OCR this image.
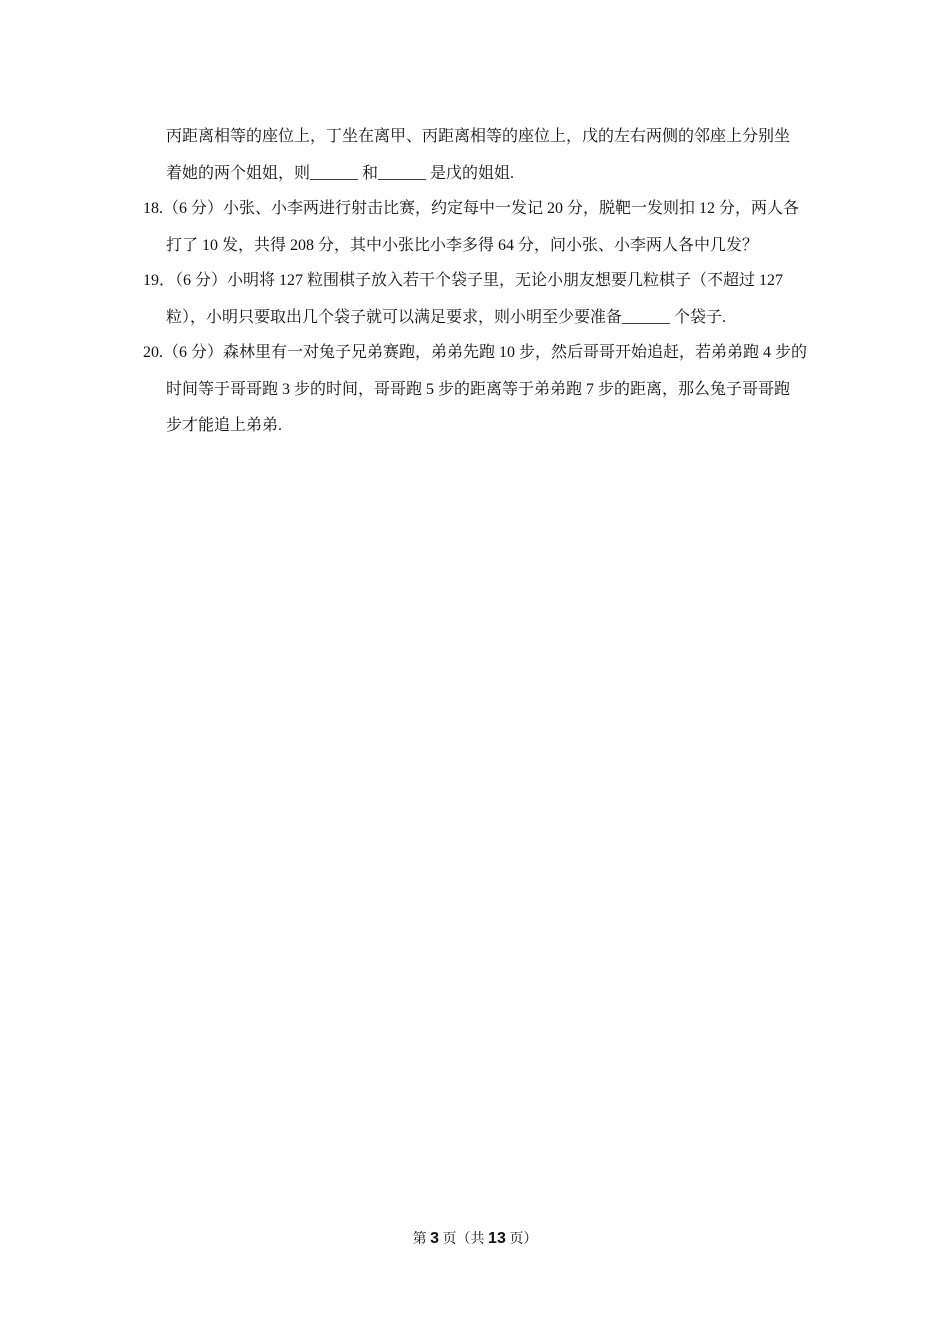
丙距离相等的座位上，丁坐在离甲、丙距离相等的座位上，戊的左右两侧的邻座上分别坐
着她的两个姐姐，则______ 和______ 是戊的姐姐.
18.（6 分）小张、小李两进行射击比赛，约定每中一发记 20 分，脱靶一发则扣 12 分，两人各
打了 10 发，共得 208 分，其中小张比小李多得 64 分，问小张、小李两人各中几发？
19．（6 分）小明将 127 粒围棋子放入若干个袋子里，无论小朋友想要几粒棋子（不超过 127
粒），小明只要取出几个袋子就可以满足要求，则小明至少要准备______ 个袋子.
20.（6 分）森林里有一对兔子兄弟赛跑，弟弟先跑 10 步，然后哥哥开始追赶，若弟弟跑 4 步的
时间等于哥哥跑 3 步的时间，哥哥跑 5 步的距离等于弟弟跑 7 步的距离，那么兔子哥哥跑
步才能追上弟弟.
第 3 页（共 13 页）
